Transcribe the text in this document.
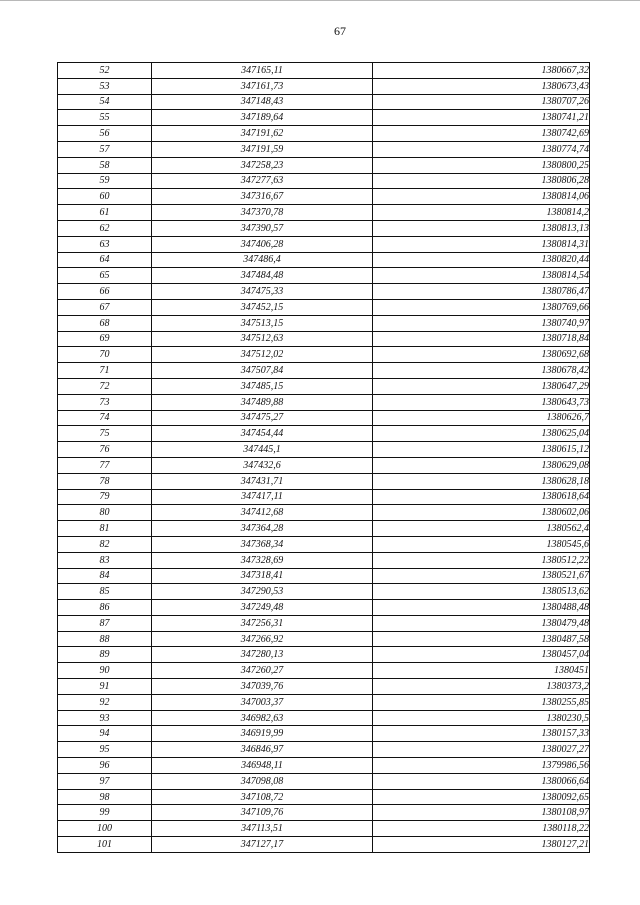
67
52	347165,11	1380667,32
53	347161,73	1380673,43
54	347148,43	1380707,26
55	347189,64	1380741,21
56	347191,62	1380742,69
57	347191,59	1380774,74
58	347258,23	1380800,25
59	347277,63	1380806,28
60	347316,67	1380814,06
61	347370,78	1380814,2
62	347390,57	1380813,13
63	347406,28	1380814,31
64	347486,4	1380820,44
65	347484,48	1380814,54
66	347475,33	1380786,47
67	347452,15	1380769,66
68	347513,15	1380740,97
69	347512,63	1380718,84
70	347512,02	1380692,68
71	347507,84	1380678,42
72	347485,15	1380647,29
73	347489,88	1380643,73
74	347475,27	1380626,7
75	347454,44	1380625,04
76	347445,1	1380615,12
77	347432,6	1380629,08
78	347431,71	1380628,18
79	347417,11	1380618,64
80	347412,68	1380602,06
81	347364,28	1380562,4
82	347368,34	1380545,6
83	347328,69	1380512,22
84	347318,41	1380521,67
85	347290,53	1380513,62
86	347249,48	1380488,48
87	347256,31	1380479,48
88	347266,92	1380487,58
89	347280,13	1380457,04
90	347260,27	1380451
91	347039,76	1380373,2
92	347003,37	1380255,85
93	346982,63	1380230,5
94	346919,99	1380157,33
95	346846,97	1380027,27
96	346948,11	1379986,56
97	347098,08	1380066,64
98	347108,72	1380092,65
99	347109,76	1380108,97
100	347113,51	1380118,22
101	347127,17	1380127,21
